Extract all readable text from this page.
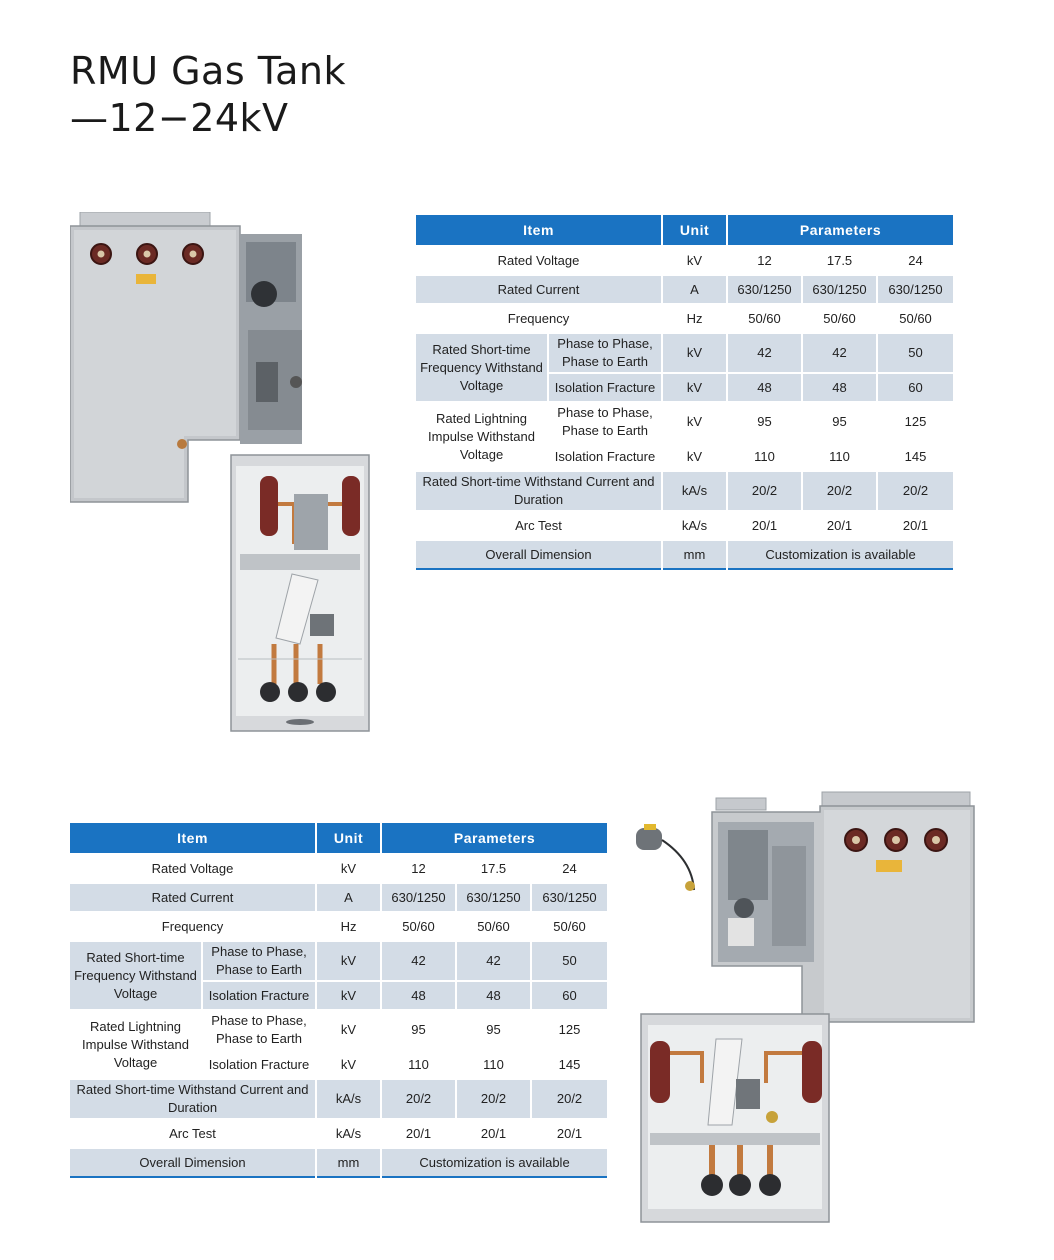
RMU Gas Tank
—12−24kV
Item		Unit	Parameters		
Rated Voltage		kV	12	17.5	24
Rated Current		A	630/1250	630/1250	630/1250
Frequency		Hz	50/60	50/60	50/60
Rated Short-time Frequency Withstand Voltage	Phase to Phase, Phase to Earth	kV	42	42	50
	Isolation Fracture	kV	48	48	60
Rated Lightning Impulse Withstand Voltage	Phase to Phase, Phase to Earth	kV	95	95	125
	Isolation Fracture	kV	110	110	145
Rated Short-time Withstand Current and Duration		kA/s	20/2	20/2	20/2
Arc Test		kA/s	20/1	20/1	20/1
Overall Dimension		mm	Customization is available		
Item		Unit	Parameters		
Rated Voltage		kV	12	17.5	24
Rated Current		A	630/1250	630/1250	630/1250
Frequency		Hz	50/60	50/60	50/60
Rated Short-time Frequency Withstand Voltage	Phase to Phase, Phase to Earth	kV	42	42	50
	Isolation Fracture	kV	48	48	60
Rated Lightning Impulse Withstand Voltage	Phase to Phase, Phase to Earth	kV	95	95	125
	Isolation Fracture	kV	110	110	145
Rated Short-time Withstand Current and Duration		kA/s	20/2	20/2	20/2
Arc Test		kA/s	20/1	20/1	20/1
Overall Dimension		mm	Customization is available		
